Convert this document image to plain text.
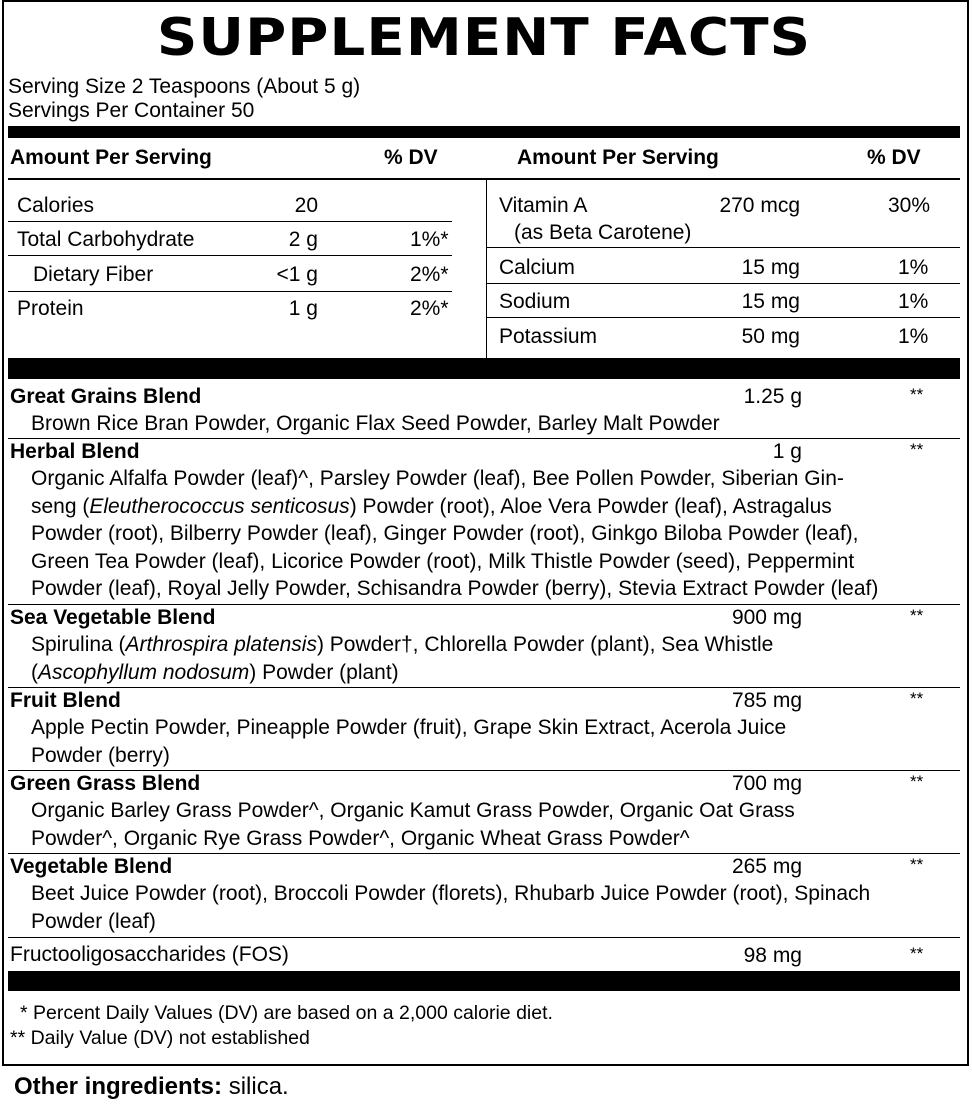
SUPPLEMENT FACTS
Serving Size 2 Teaspoons (About 5 g)
Servings Per Container 50
Amount Per Serving	% DV	Amount Per Serving	% DV
Calories	20
Total Carbohydrate	2 g	1%*
Dietary Fiber	<1 g	2%*
Protein	1 g	2%*
Vitamin A	270 mcg	30%
(as Beta Carotene)
Calcium	15 mg	1%
Sodium	15 mg	1%
Potassium	50 mg	1%
Great Grains Blend	1.25 g	**
Brown Rice Bran Powder, Organic Flax Seed Powder, Barley Malt Powder
Herbal Blend	1 g	**
Organic Alfalfa Powder (leaf)^, Parsley Powder (leaf), Bee Pollen Powder, Siberian Gin-
seng (Eleutherococcus senticosus) Powder (root), Aloe Vera Powder (leaf), Astragalus
Powder (root), Bilberry Powder (leaf), Ginger Powder (root), Ginkgo Biloba Powder (leaf),
Green Tea Powder (leaf), Licorice Powder (root), Milk Thistle Powder (seed), Peppermint
Powder (leaf), Royal Jelly Powder, Schisandra Powder (berry), Stevia Extract Powder (leaf)
Sea Vegetable Blend	900 mg	**
Spirulina (Arthrospira platensis) Powder†, Chlorella Powder (plant), Sea Whistle
(Ascophyllum nodosum) Powder (plant)
Fruit Blend	785 mg	**
Apple Pectin Powder, Pineapple Powder (fruit), Grape Skin Extract, Acerola Juice
Powder (berry)
Green Grass Blend	700 mg	**
Organic Barley Grass Powder^, Organic Kamut Grass Powder, Organic Oat Grass
Powder^, Organic Rye Grass Powder^, Organic Wheat Grass Powder^
Vegetable Blend	265 mg	**
Beet Juice Powder (root), Broccoli Powder (florets), Rhubarb Juice Powder (root), Spinach
Powder (leaf)
Fructooligosaccharides (FOS)	98 mg	**
* Percent Daily Values (DV) are based on a 2,000 calorie diet.
** Daily Value (DV) not established
Other ingredients: silica.
